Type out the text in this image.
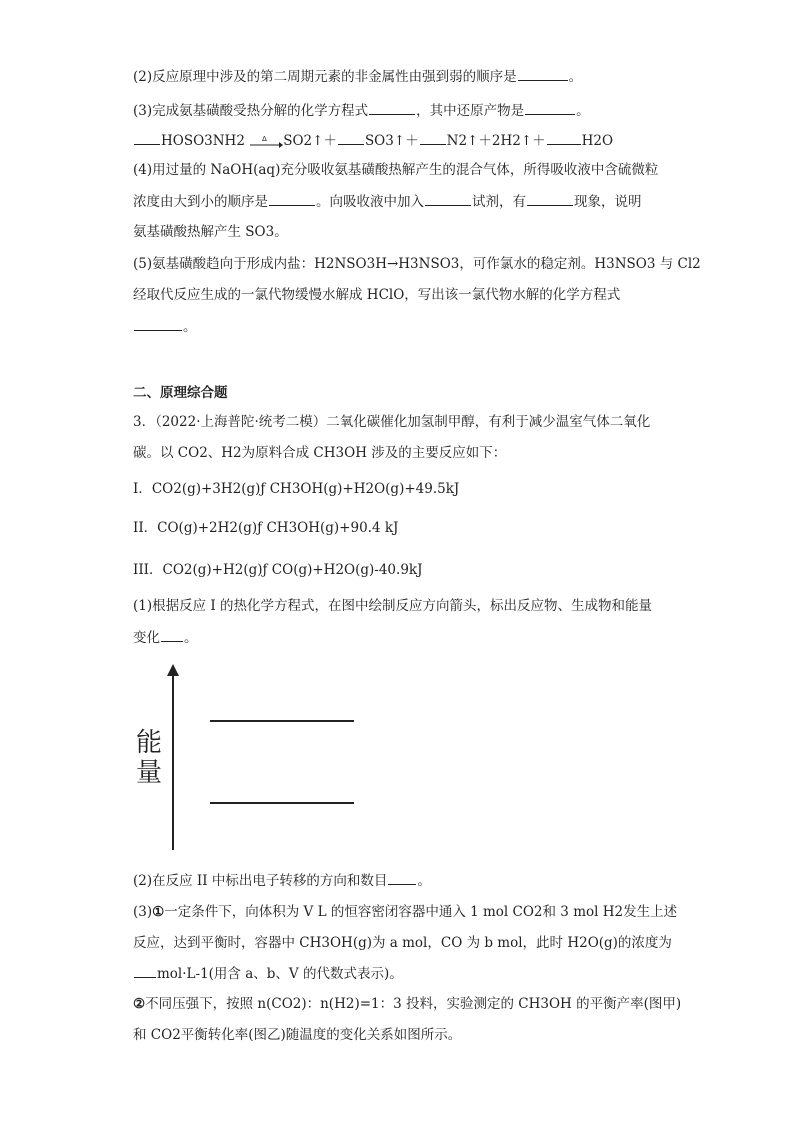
(2)反应原理中涉及的第二周期元素的非金属性由强到弱的顺序是	。
(3)完成氨基磺酸受热分解的化学方程式	，其中还原产物是	。
HOSO3NH2 Δ SO2↑＋ SO3↑＋ N2↑＋2H2↑＋	H2O
(4)用过量的 NaOH(aq)充分吸收氨基磺酸热解产生的混合气体，所得吸收液中含硫微粒
浓度由大到小的顺序是	。向吸收液中加入	试剂，有	现象，说明
氨基磺酸热解产生 SO3。
(5)氨基磺酸趋向于形成内盐：H2NSO3H→H3NSO3，可作氯水的稳定剂。H3NSO3 与 Cl2
经取代反应生成的一氯代物缓慢水解成 HClO，写出该一氯代物水解的化学方程式
。
二、原理综合题
3．（2022·上海普陀·统考二模）二氧化碳催化加氢制甲醇，有利于减少温室气体二氧化
碳。以 CO2、H2为原料合成 CH3OH 涉及的主要反应如下：
I．CO2(g)+3H2(g)ƒ CH3OH(g)+H2O(g)+49.5kJ
II．CO(g)+2H2(g)ƒ CH3OH(g)+90.4 kJ
III．CO2(g)+H2(g)ƒ CO(g)+H2O(g)-40.9kJ
(1)根据反应 I 的热化学方程式，在图中绘制反应方向箭头，标出反应物、生成物和能量
变化 。
能
量
(2)在反应 II 中标出电子转移的方向和数目 。
(3)①一定条件下，向体积为 V L 的恒容密闭容器中通入 1 mol CO2和 3 mol H2发生上述
反应，达到平衡时，容器中 CH3OH(g)为 a mol，CO 为 b mol，此时 H2O(g)的浓度为
mol·L-1(用含 a、b、V 的代数式表示)。
②不同压强下，按照 n(CO2)：n(H2)=1：3 投料，实验测定的 CH3OH 的平衡产率(图甲)
和 CO2平衡转化率(图乙)随温度的变化关系如图所示。
